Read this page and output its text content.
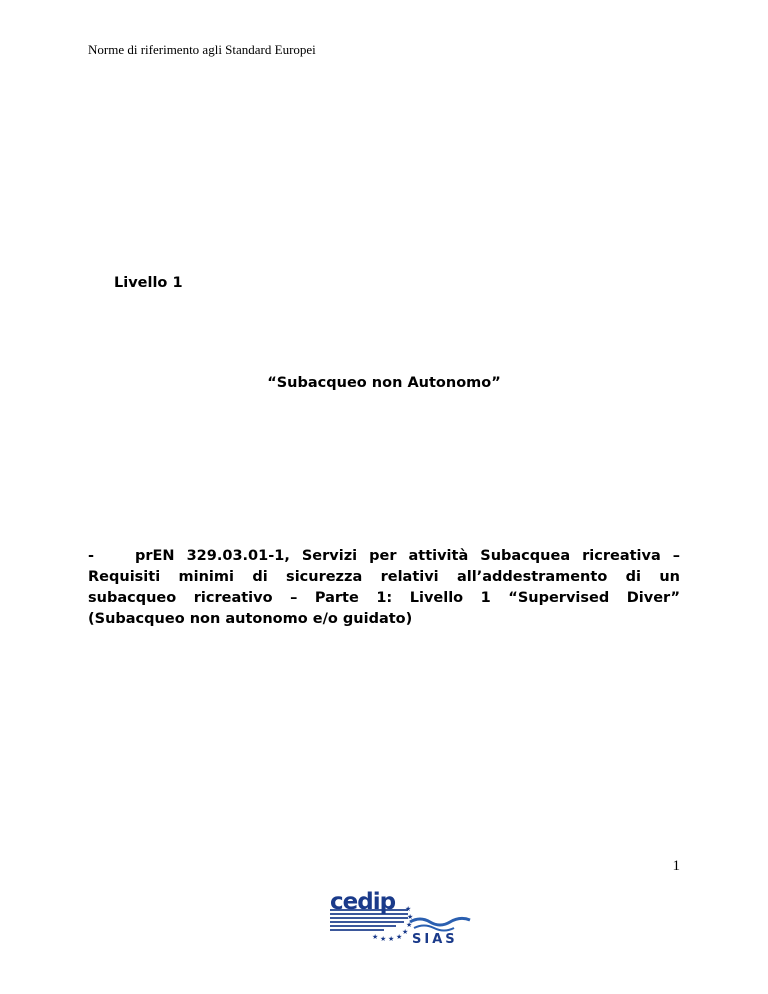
Norme di riferimento agli Standard Europei
Livello 1
“Subacqueo non Autonomo”
-	prEN 329.03.01-1, Servizi per attività Subacquea ricreativa – Requisiti minimi di sicurezza relativi all’addestramento di un subacqueo ricreativo – Parte 1: Livello 1 “Supervised Diver” (Subacqueo non autonomo e/o guidato)
1
cedip
★ ★ ★ ★
★
★
★
★
SIAS
